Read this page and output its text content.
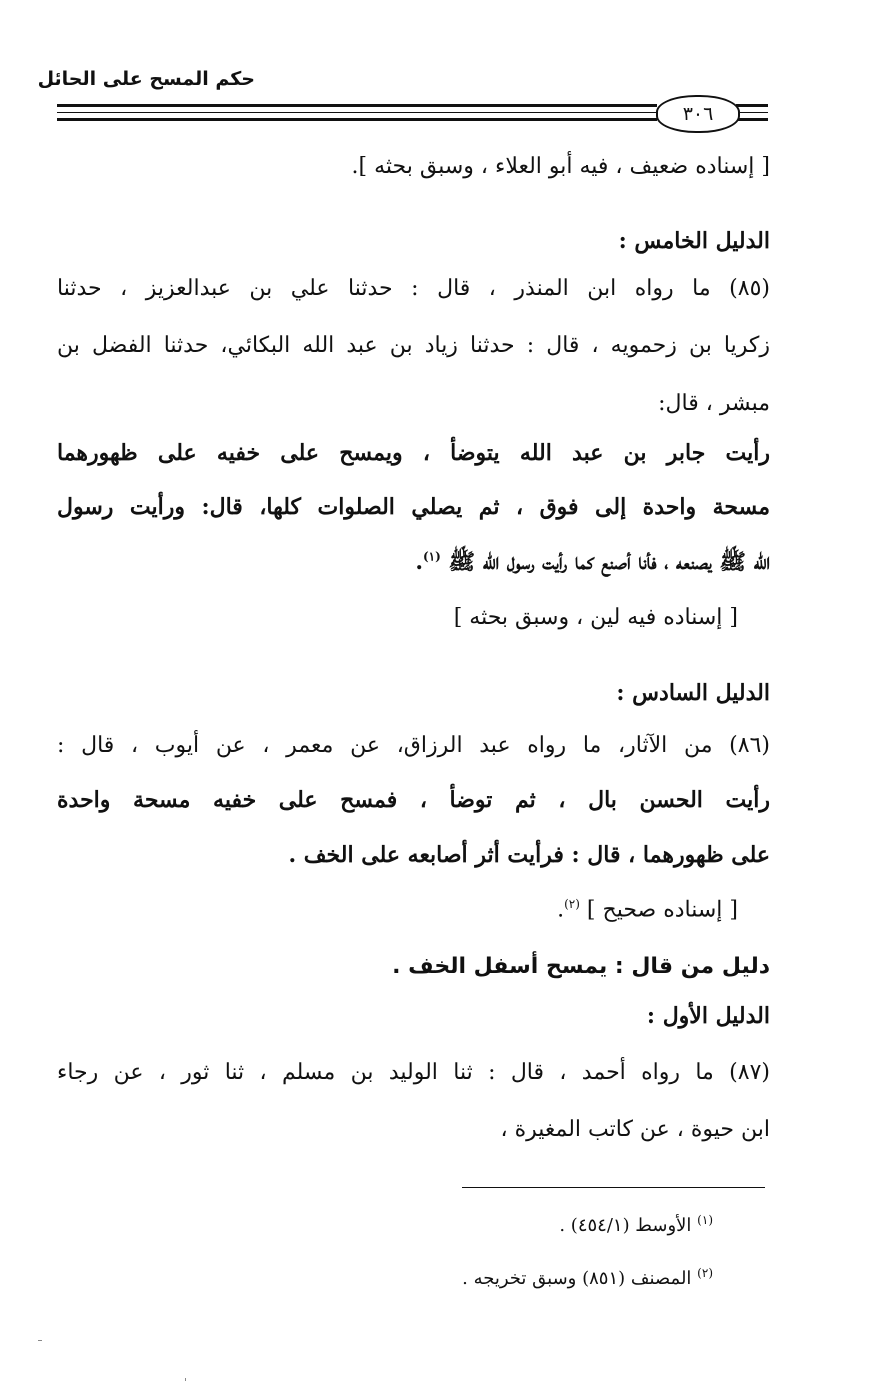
حكم المسح على الحائل
٣٠٦
[ إسناده ضعيف ، فيه أبو العلاء ، وسبق بحثه ].
الدليل الخامس :
(٨٥) ما رواه ابن المنذر ، قال : حدثنا علي بن عبدالعزيز ، حدثنا
زكريا بن زحمويه ، قال : حدثنا زياد بن عبد الله البكائي، حدثنا الفضل بن
مبشر ، قال:
رأيت جابر بن عبد الله يتوضأ ، ويمسح على خفيه على ظهورهما
مسحة واحدة إلى فوق ، ثم يصلي الصلوات كلها، قال: ورأيت رسول
الله ﷺ يصنعه ، فأنا أصنع كما رأيت رسول الله ﷺ $^{(١)}$.
[ إسناده فيه لين ، وسبق بحثه ]
الدليل السادس :
(٨٦) من الآثار، ما رواه عبد الرزاق، عن معمر ، عن أيوب ، قال :
رأيت الحسن بال ، ثم توضأ ، فمسح على خفيه مسحة واحدة
على ظهورهما ، قال : فرأيت أثر أصابعه على الخف .
[ إسناده صحيح ] $^{(٢)}$.
دليل من قال : يمسح أسفل الخف .
الدليل الأول :
(٨٧) ما رواه أحمد ، قال : ثنا الوليد بن مسلم ، ثنا ثور ، عن رجاء
ابن حيوة ، عن كاتب المغيرة ،
$^{(١)}$ الأوسط (٤٥٤/١) .
$^{(٢)}$ المصنف (٨٥١) وسبق تخريجه .
